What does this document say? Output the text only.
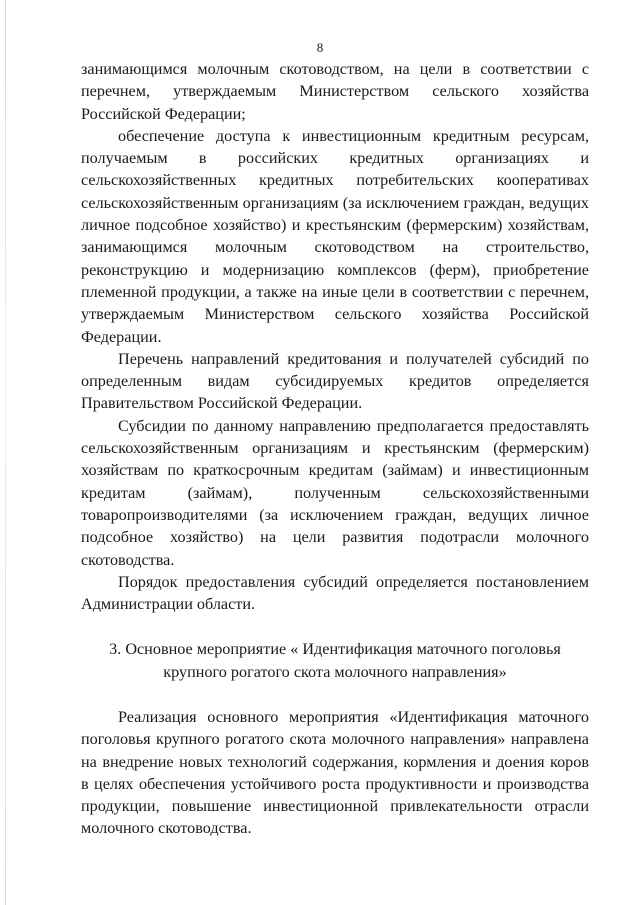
8

занимающимся молочным скотоводством, на цели в соответствии с перечнем, утверждаемым Министерством сельского хозяйства Российской Федерации;

обеспечение доступа к инвестиционным кредитным ресурсам, получаемым в российских кредитных организациях и сельскохозяйственных кредитных потребительских кооперативах сельскохозяйственным организациям (за исключением граждан, ведущих личное подсобное хозяйство) и крестьянским (фермерским) хозяйствам, занимающимся молочным скотоводством на строительство, реконструкцию и модернизацию комплексов (ферм), приобретение племенной продукции, а также на иные цели в соответствии с перечнем, утверждаемым Министерством сельского хозяйства Российской Федерации.

Перечень направлений кредитования и получателей субсидий по определенным видам субсидируемых кредитов определяется Правительством Российской Федерации.

Субсидии по данному направлению предполагается предоставлять сельскохозяйственным организациям и крестьянским (фермерским) хозяйствам по краткосрочным кредитам (займам) и инвестиционным кредитам (займам), полученным сельскохозяйственными товаропроизводителями (за исключением граждан, ведущих личное подсобное хозяйство) на цели развития подотрасли молочного скотоводства.

Порядок предоставления субсидий определяется постановлением Администрации области.

3. Основное мероприятие « Идентификация маточного поголовья
крупного рогатого скота молочного направления»

Реализация основного мероприятия «Идентификация маточного поголовья крупного рогатого скота молочного направления» направлена на внедрение новых технологий содержания, кормления и доения коров в целях обеспечения устойчивого роста продуктивности и производства продукции, повышение инвестиционной привлекательности отрасли молочного скотоводства.
